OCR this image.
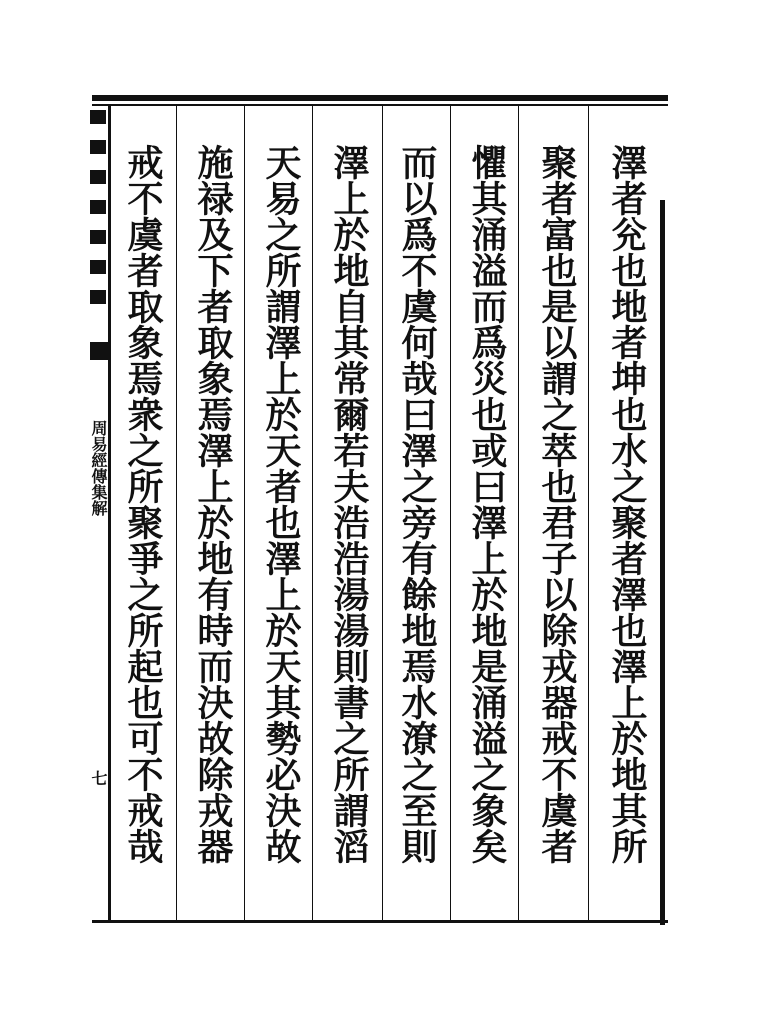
澤者兊也地者坤也水之聚者澤也澤上於地其所
聚者富也是以謂之萃也君子以除戎器戒不虞者
懼其涌溢而爲災也或曰澤上於地是涌溢之象矣
而以爲不虞何哉曰澤之旁有餘地焉水潦之至則
澤上於地自其常爾若夫浩浩湯湯則書之所謂滔
天易之所謂澤上於天者也澤上於天其勢必決故
施禄及下者取象焉澤上於地有時而決故除戎器
戒不虞者取象焉衆之所聚爭之所起也可不戒哉
周易經傳集解
七
